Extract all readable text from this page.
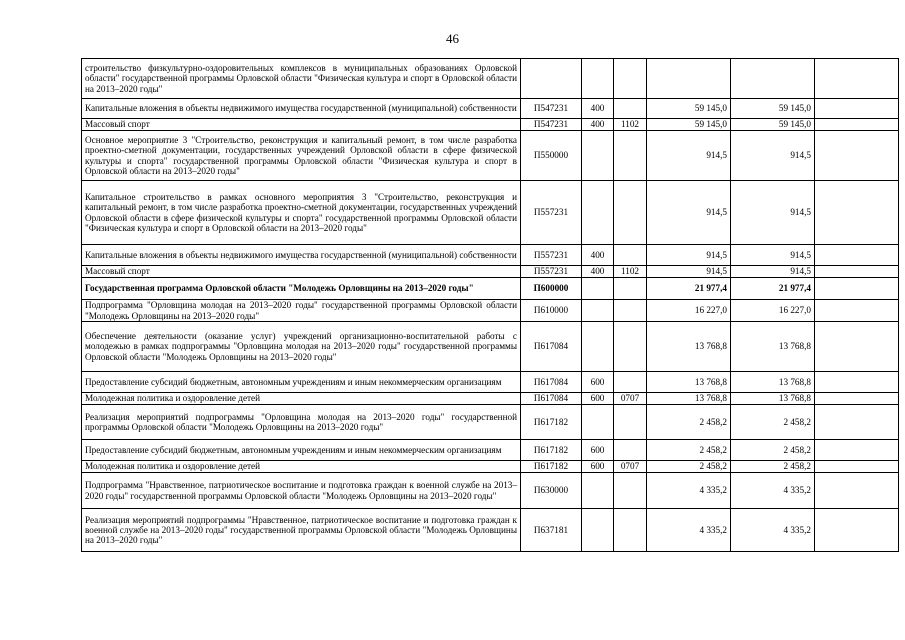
46
строительство физкультурно-оздоровительных комплексов в муниципальных образованиях Орловской области" государственной программы Орловской области "Физическая культура и спорт в Орловской области на 2013–2020 годы"						
Капитальные вложения в объекты недвижимого имущества государственной (муниципальной) собственности	П547231	400		59 145,0	59 145,0	
Массовый спорт	П547231	400	1102	59 145,0	59 145,0	
Основное мероприятие 3 "Строительство, реконструкция и капитальный ремонт, в том числе разработка проектно-сметной документации, государственных учреждений Орловской области в сфере физической культуры и спорта" государственной программы Орловской области "Физическая культура и спорт в Орловской области на 2013–2020 годы"	П550000			914,5	914,5	
Капитальное строительство в рамках основного мероприятия 3 "Строительство, реконструкция и капитальный ремонт, в том числе разработка проектно-сметной документации, государственных учреждений Орловской области в сфере физической культуры и спорта" государственной программы Орловской области "Физическая культура и спорт в Орловской области на 2013–2020 годы"	П557231			914,5	914,5	
Капитальные вложения в объекты недвижимого имущества государственной (муниципальной) собственности	П557231	400		914,5	914,5	
Массовый спорт	П557231	400	1102	914,5	914,5	
Государственная программа Орловской области "Молодежь Орловщины на 2013–2020 годы"	П600000			21 977,4	21 977,4	
Подпрограмма "Орловщина молодая на 2013–2020 годы" государственной программы Орловской области "Молодежь Орловщины на 2013–2020 годы"	П610000			16 227,0	16 227,0	
Обеспечение деятельности (оказание услуг) учреждений организационно-воспитательной работы с молодежью в рамках подпрограммы "Орловщина молодая на 2013–2020 годы" государственной программы Орловской области "Молодежь Орловщины на 2013–2020 годы"	П617084			13 768,8	13 768,8	
Предоставление субсидий бюджетным, автономным учреждениям и иным некоммерческим организациям	П617084	600		13 768,8	13 768,8	
Молодежная политика и оздоровление детей	П617084	600	0707	13 768,8	13 768,8	
Реализация мероприятий подпрограммы "Орловщина молодая на 2013–2020 годы" государственной программы Орловской области "Молодежь Орловщины на 2013–2020 годы"	П617182			2 458,2	2 458,2	
Предоставление субсидий бюджетным, автономным учреждениям и иным некоммерческим организациям	П617182	600		2 458,2	2 458,2	
Молодежная политика и оздоровление детей	П617182	600	0707	2 458,2	2 458,2	
Подпрограмма "Нравственное, патриотическое воспитание и подготовка граждан к военной службе на 2013–2020 годы" государственной программы Орловской области "Молодежь Орловщины на 2013–2020 годы"	П630000			4 335,2	4 335,2	
Реализация мероприятий подпрограммы "Нравственное, патриотическое воспитание и подготовка граждан к военной службе на 2013–2020 годы" государственной программы Орловской области "Молодежь Орловщины на 2013–2020 годы"	П637181			4 335,2	4 335,2	
